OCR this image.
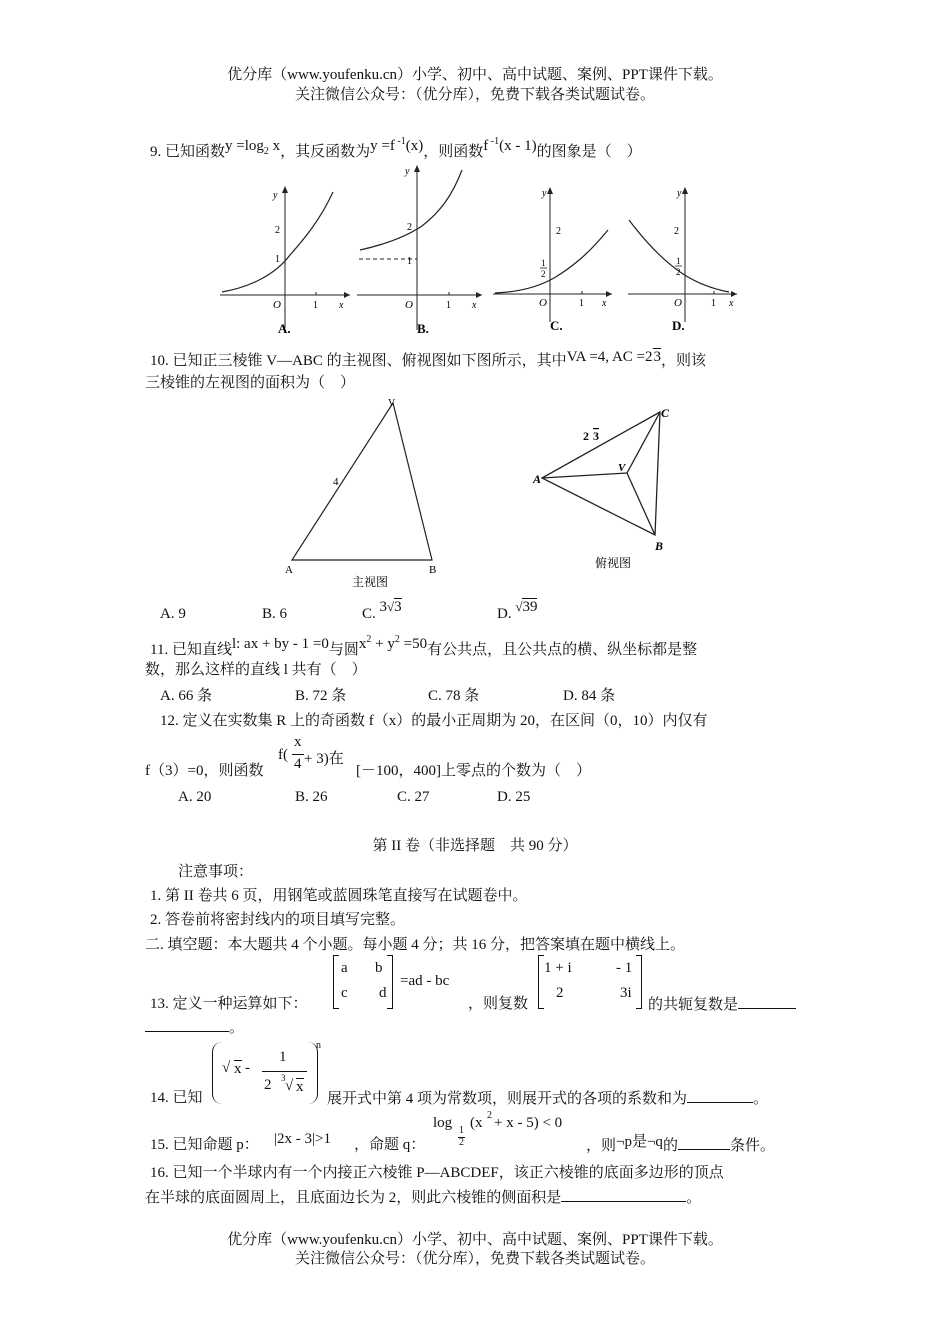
优分库（www.youfenku.cn）小学、初中、高中试题、案例、PPT课件下载。
关注微信公众号：（优分库），免费下载各类试题试卷。
9. 已知函数$y =\log_2$ x，其反函数为y =f $^{-1}$(x)，则函数f $^{-1}$(x - 1)的图象是（　）
y
2
1
O	1 x
A.
y
2
1
O	1 x
B.
y
2
1
2
O	1 x
C.
y
2
1
2
O	1 x
D.
10. 已知正三棱锥 V—ABC 的主视图、俯视图如下图所示，其中VA =4, AC =23，则该
三棱锥的左视图的面积为（　）
V
A	B
4
主视图
C
A
B
V
2 3
俯视图
A. 9	B. 6	C. 3√3	D. √39
11. 已知直线l: ax + by - 1 =0与圆$x^2 + y^2 =50$有公共点，且公共点的横、纵坐标都是整
数，那么这样的直线 l 共有（　）
A. 66 条	B. 72 条	C. 78 条	D. 84 条
12. 定义在实数集 R 上的奇函数 f（x）的最小正周期为 20，在区间（0，10）内仅有
f（3）=0，则函数
f(
x
4 + 3)在
[－100，400]上零点的个数为（　）
A. 20	B. 26	C. 27	D. 25
第 II 卷（非选择题　共 90 分）
注意事项：
1. 第 II 卷共 6 页，用钢笔或蓝圆珠笔直接写在试题卷中。
2. 答卷前将密封线内的项目填写完整。
二. 填空题：本大题共 4 个小题。每小题 4 分；共 16 分，把答案填在题中横线上。
13. 定义一种运算如下：
a b
c d
=ad - bc
，则复数
1 + i	- 1
2	3i
的共轭复数是
。
14. 已知
√ x -
1
2 3 √ x
n
展开式中第 4 项为常数项，则展开式的各项的系数和为	。
15. 已知命题 p： |2x - 3|>1 ，命题 q：
log 1
2
(x 2 + x - 5) < 0
，则¬p是¬q的	条件。
16. 已知一个半球内有一个内接正六棱锥 P—ABCDEF，该正六棱锥的底面多边形的顶点
在半球的底面圆周上，且底面边长为 2，则此六棱锥的侧面积是	。
优分库（www.youfenku.cn）小学、初中、高中试题、案例、PPT课件下载。
关注微信公众号：（优分库），免费下载各类试题试卷。
